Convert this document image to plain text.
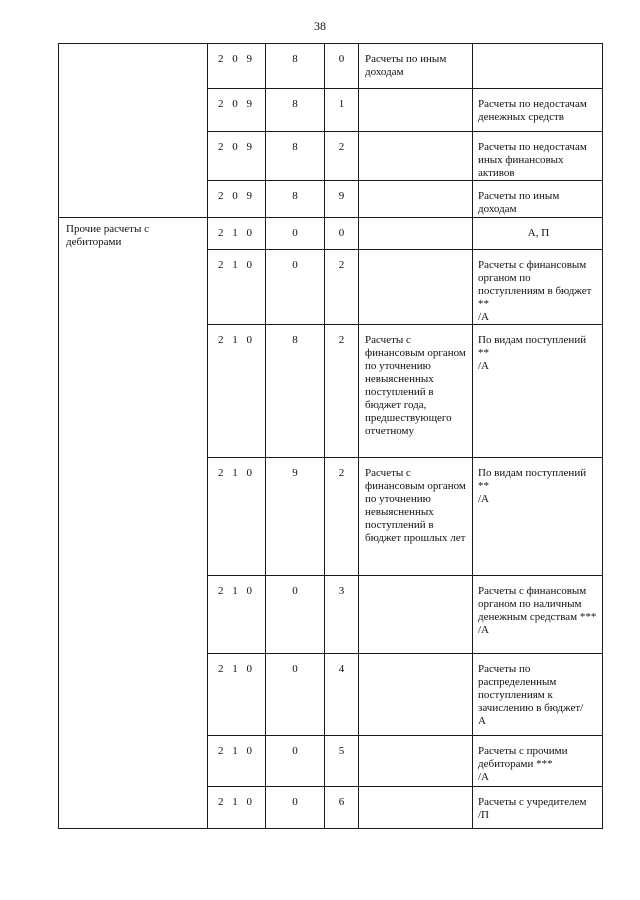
38
	2 0 9	8	0	Расчеты по иным доходам	
	2 0 9	8	1		Расчеты по недостачам денежных средств
	2 0 9	8	2		Расчеты по недостачам иных финансовых активов
	2 0 9	8	9		Расчеты по иным доходам
Прочие расчеты с дебиторами	2 1 0	0	0		А, П
	2 1 0	0	2		Расчеты с финансовым органом по поступлениям в бюджет **
/А
	2 1 0	8	2	Расчеты с финансовым органом по уточнению невыясненных поступлений в бюджет года, предшествующего отчетному	По видам поступлений **
/А
	2 1 0	9	2	Расчеты с финансовым органом по уточнению невыясненных поступлений в бюджет прошлых лет	По видам поступлений **
/А
	2 1 0	0	3		Расчеты с финансовым органом по наличным денежным средствам ***
/А
	2 1 0	0	4		Расчеты по распределенным поступлениям к зачислению в бюджет/
А
	2 1 0	0	5		Расчеты с прочими дебиторами ***
/А
	2 1 0	0	6		Расчеты с учредителем
/П
